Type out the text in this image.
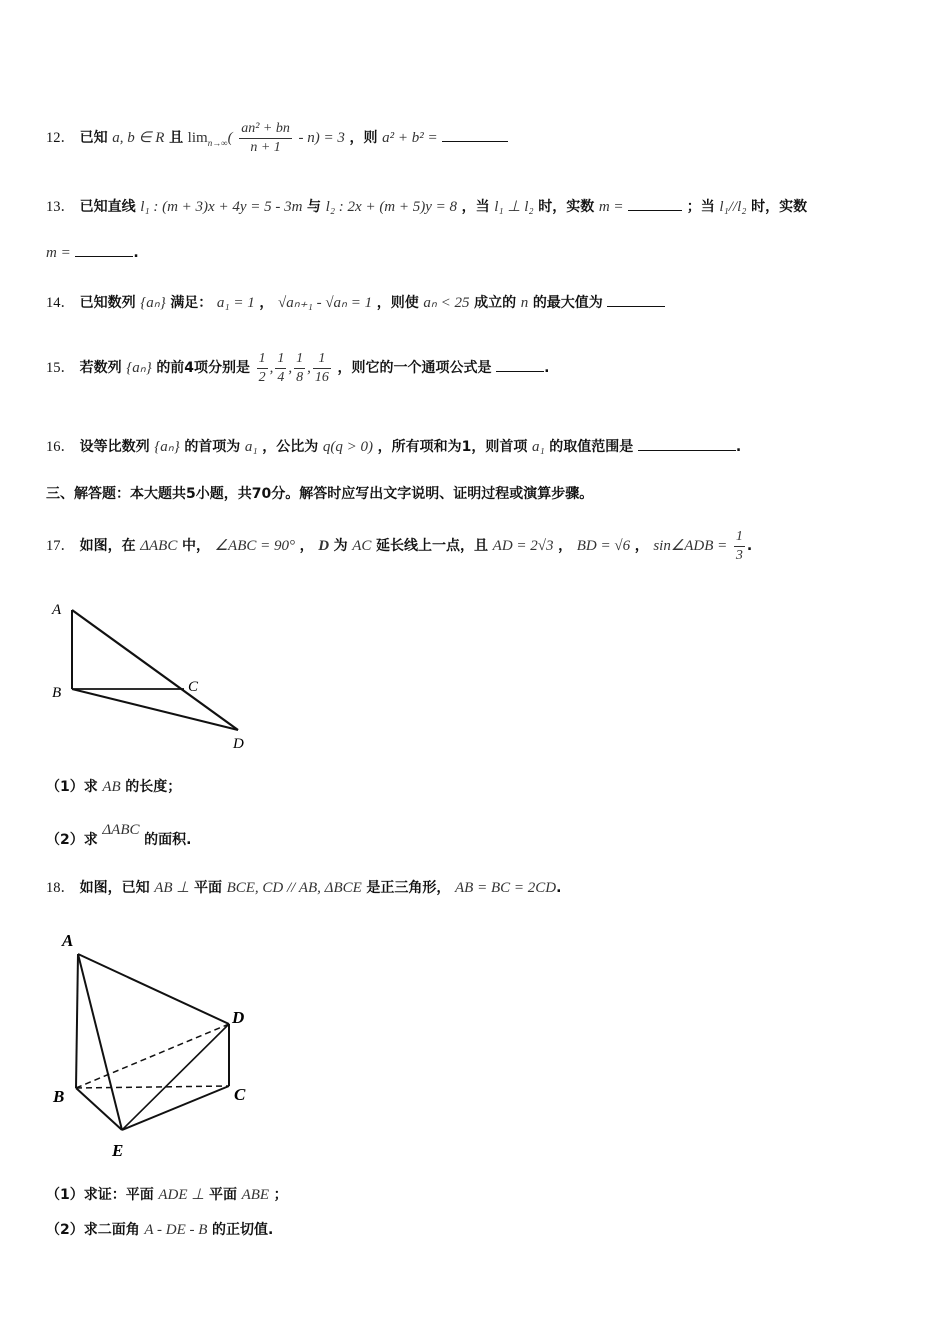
12． 已知 a, b ∈ R 且 $\lim_{n\to\infty}( \frac{\text{an² + bn}}{n + 1} - n) = 3$ ，则 a² + b² =
13． 已知直线 l₁ : (m + 3)x + 4y = 5 - 3m 与 l₂ : 2x + (m + 5)y = 8 ，当 l₁ ⊥ l₂ 时，实数 m =	；当 l₁//l₂ 时，实数
m =	.
14． 已知数列 {aₙ} 满足： a₁ = 1 ， √aₙ₊₁ - √aₙ = 1 ，则使 aₙ < 25 成立的 n 的最大值为
15． 若数列 {aₙ} 的前4项分别是 $\frac{1}{2}$ , $\frac{1}{4}$ , $\frac{1}{8}$ , $\frac{1}{16}$ ，则它的一个通项公式是	.
16． 设等比数列 {aₙ} 的首项为 a₁ ，公比为 q(q > 0) ，所有项和为1，则首项 a₁ 的取值范围是	.
三、解答题：本大题共5小题，共70分。解答时应写出文字说明、证明过程或演算步骤。
17． 如图，在 ΔABC 中， ∠ABC = 90° ， D 为 AC 延长线上一点，且 AD = 2√3 ， BD = √6 ， sin∠ADB = $\frac{1}{3}$ .
A
B	C
D
（1）求 AB 的长度；
（2）求 ΔABC 的面积.
18． 如图，已知 AB ⊥ 平面 BCE, CD // AB, ΔBCE 是正三角形， AB = BC = 2CD.
A
B	C
D
E
（1）求证：平面 ADE ⊥ 平面 ABE ；
（2）求二面角 A - DE - B 的正切值.
